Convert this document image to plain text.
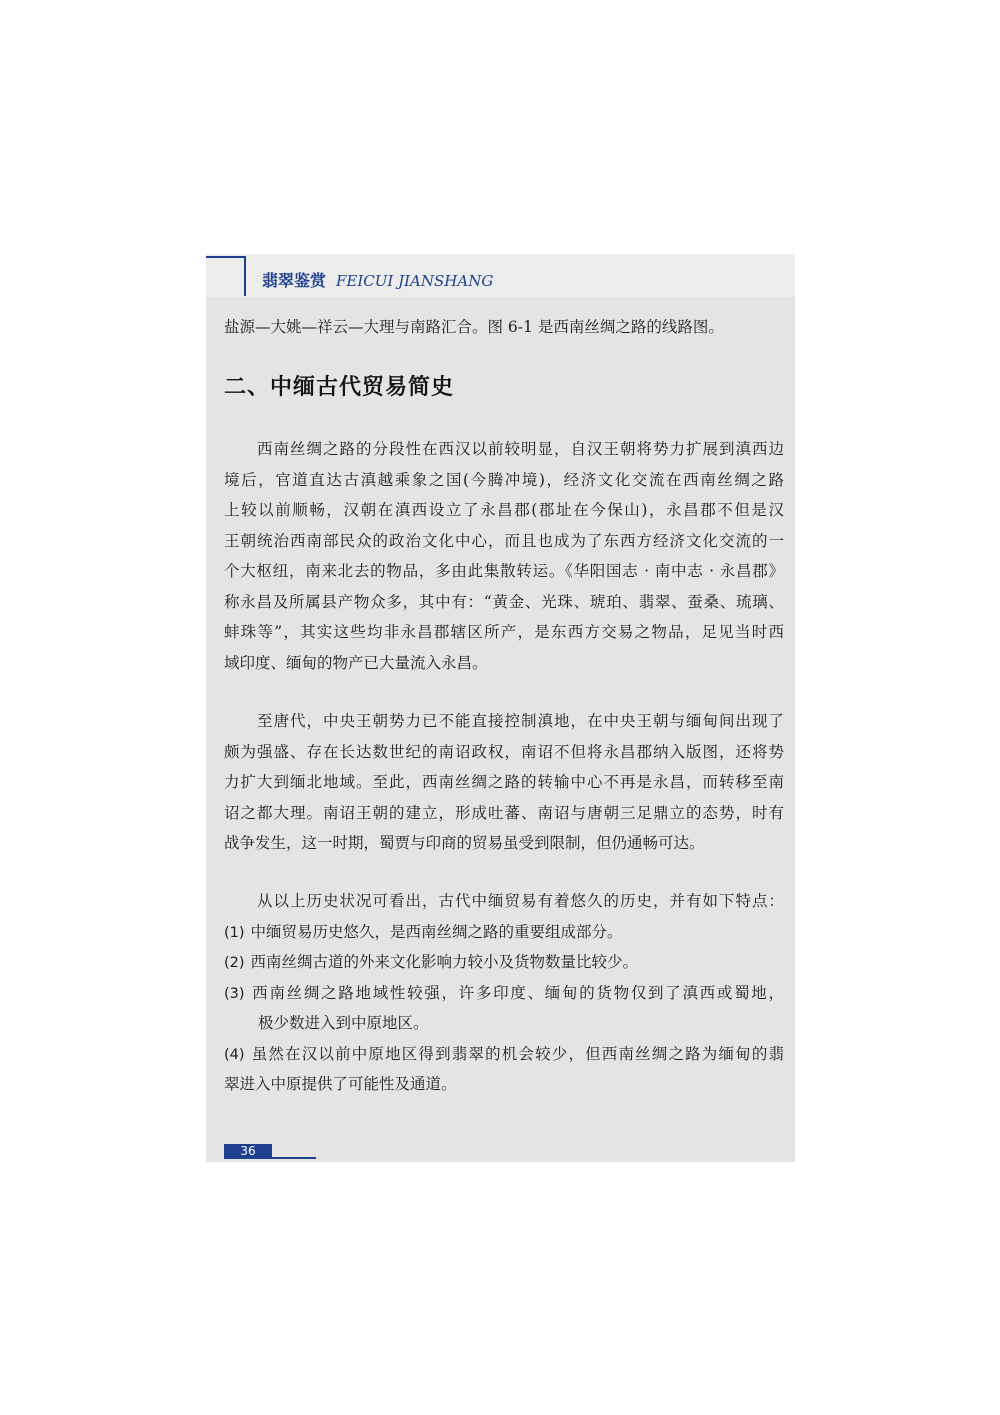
翡翠鉴赏 FEICUI JIANSHANG
盐源—大姚—祥云—大理与南路汇合。图 6-1 是西南丝绸之路的线路图。
二、中缅古代贸易简史
　　西南丝绸之路的分段性在西汉以前较明显，自汉王朝将势力扩展到滇西边
境后，官道直达古滇越乘象之国(今腾冲境)，经济文化交流在西南丝绸之路
上较以前顺畅，汉朝在滇西设立了永昌郡(郡址在今保山)，永昌郡不但是汉
王朝统治西南部民众的政治文化中心，而且也成为了东西方经济文化交流的一
个大枢纽，南来北去的物品，多由此集散转运。《华阳国志 · 南中志 · 永昌郡》
称永昌及所属县产物众多，其中有：“黄金、光珠、琥珀、翡翠、蚕桑、琉璃、
蚌珠等”，其实这些均非永昌郡辖区所产，是东西方交易之物品，足见当时西
域印度、缅甸的物产已大量流入永昌。
　　至唐代，中央王朝势力已不能直接控制滇地，在中央王朝与缅甸间出现了
颇为强盛、存在长达数世纪的南诏政权，南诏不但将永昌郡纳入版图，还将势
力扩大到缅北地域。至此，西南丝绸之路的转输中心不再是永昌，而转移至南
诏之都大理。南诏王朝的建立，形成吐蕃、南诏与唐朝三足鼎立的态势，时有
战争发生，这一时期，蜀贾与印商的贸易虽受到限制，但仍通畅可达。
　　从以上历史状况可看出，古代中缅贸易有着悠久的历史，并有如下特点：
(1) 中缅贸易历史悠久，是西南丝绸之路的重要组成部分。
(2) 西南丝绸古道的外来文化影响力较小及货物数量比较少。
(3) 西南丝绸之路地域性较强，许多印度、缅甸的货物仅到了滇西或蜀地，
极少数进入到中原地区。
(4) 虽然在汉以前中原地区得到翡翠的机会较少，但西南丝绸之路为缅甸的翡
翠进入中原提供了可能性及通道。
36
